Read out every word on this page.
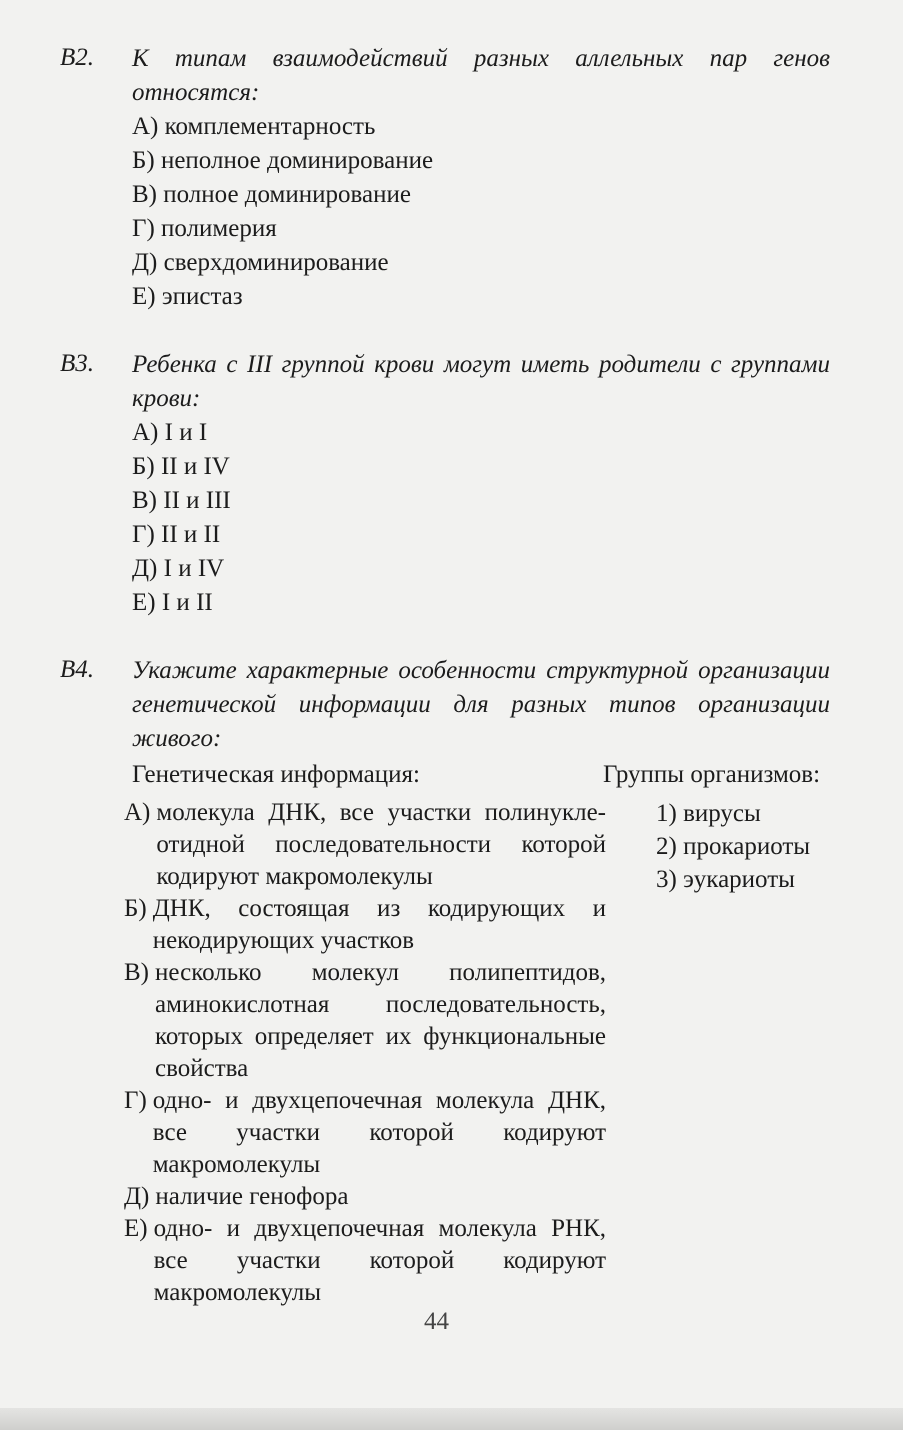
В2. К типам взаимодействий разных аллельных пар генов относятся:
А) комплементарность
Б) неполное доминирование
В) полное доминирование
Г) полимерия
Д) сверхдоминирование
Е) эпистаз
В3. Ребенка с III группой крови могут иметь родители с группами крови:
А) I и I
Б) II и IV
В) II и III
Г) II и II
Д) I и IV
Е) I и II
В4. Укажите характерные особенности структурной организации генетической информации для разных типов организации живого:
Генетическая информация:	Группы организмов:
А) молекула ДНК, все участки полинукле-отидной последовательности которой кодируют макромолекулы
Б) ДНК, состоящая из кодирующих и некодирующих участков
В) несколько молекул полипептидов, аминокислотная последовательность, которых определяет их функциональные свойства
Г) одно- и двухцепочечная молекула ДНК, все участки которой кодируют макромолекулы
Д) наличие генофора
Е) одно- и двухцепочечная молекула РНК, все участки которой кодируют макромолекулы
1) вирусы
2) прокариоты
3) эукариоты
44
